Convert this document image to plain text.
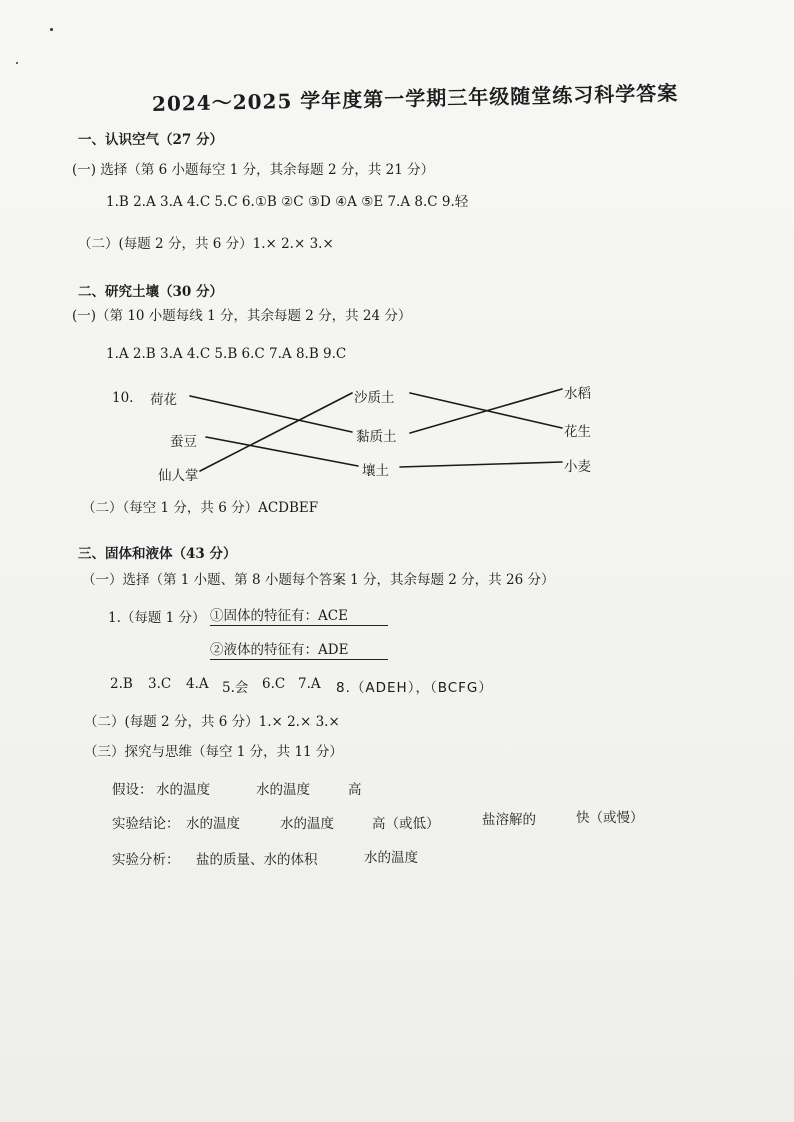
2024～2025 学年度第一学期三年级随堂练习科学答案
一、认识空气（27 分）
(一) 选择（第 6 小题每空 1 分，其余每题 2 分，共 21 分）
1.B 2.A 3.A 4.C 5.C 6.①B ②C ③D ④A ⑤E 7.A 8.C 9.轻
（二）(每题 2 分，共 6 分）1.× 2.× 3.×
二、研究土壤（30 分）
(一)（第 10 小题每线 1 分，其余每题 2 分，共 24 分）
1.A 2.B 3.A 4.C 5.B 6.C 7.A 8.B 9.C
10. 荷花
蚕豆
仙人掌
沙质土
黏质土
壤土
水稻
花生
小麦
（二）（每空 1 分，共 6 分）ACDBEF
三、固体和液体（43 分）
（一）选择（第 1 小题、第 8 小题每个答案 1 分，其余每题 2 分，共 26 分）
1.（每题 1 分） ①固体的特征有：ACE
②液体的特征有：ADE
2.B 3.C 4.A 5.会 6.C 7.A 8.（ADEH），（BCFG）
（二）(每题 2 分，共 6 分）1.× 2.× 3.×
（三）探究与思维（每空 1 分，共 11 分）
假设： 水的温度	水的温度	高
实验结论： 水的温度	水的温度	高（或低）	盐溶解的	快（或慢）
实验分析： 盐的质量、水的体积	水的温度
